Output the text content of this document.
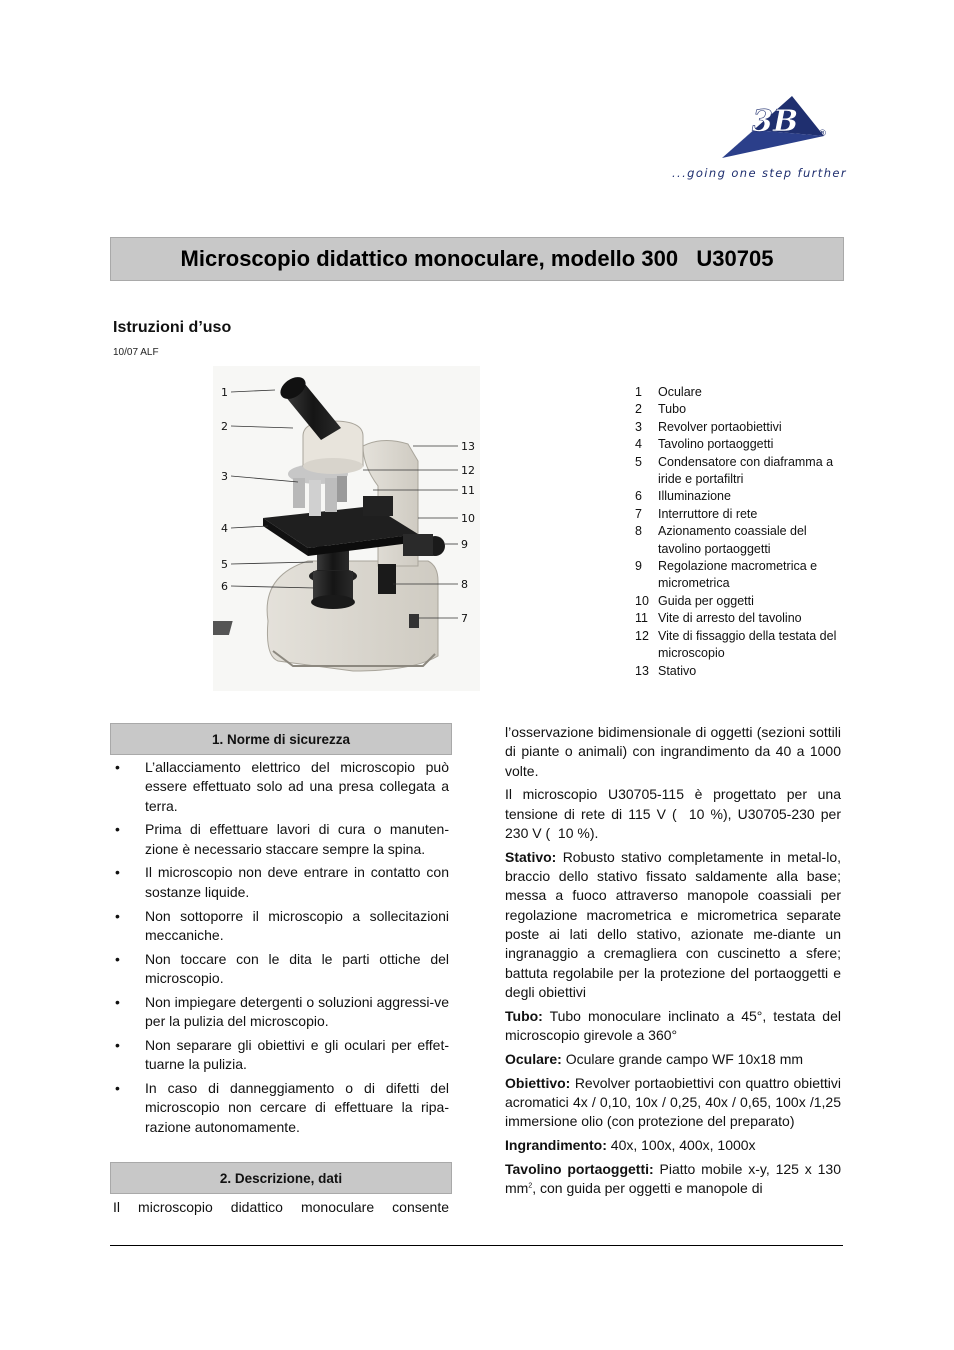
3B ®
...going one step further
Microscopio didattico monoculare, modello 300
U30705
Istruzioni d’uso
10/07 ALF
1
2
3
4
5
6
13
12
11
10
9
8
7
1	Oculare
2	Tubo
3	Revolver portaobiettivi
4	Tavolino portaoggetti
5	Condensatore con diaframma a iride e portafiltri
6	Illuminazione
7	Interruttore di rete
8	Azionamento coassiale del tavolino portaoggetti
9	Regolazione macrometrica e micrometrica
10 Guida per oggetti
11 Vite di arresto del tavolino
12 Vite di fissaggio della testata del microscopio
13 Stativo
1. Norme di sicurezza
•	L’allacciamento elettrico del microscopio può essere effettuato solo ad una presa collegata a terra.
•	Prima di effettuare lavori di cura o manuten-zione è necessario staccare sempre la spina.
•	Il microscopio non deve entrare in contatto con sostanze liquide.
•	Non sottoporre il microscopio a sollecitazioni meccaniche.
•	Non toccare con le dita le parti ottiche del microscopio.
•	Non impiegare detergenti o soluzioni aggressi-ve per la pulizia del microscopio.
•	Non separare gli obiettivi e gli oculari per effet-tuarne la pulizia.
•	In caso di danneggiamento o di difetti del microscopio non cercare di effettuare la ripa-razione autonomamente.
2. Descrizione, dati
Il microscopio didattico monoculare consente

l’osservazione bidimensionale di oggetti (sezioni sottili di piante o animali) con ingrandimento da 40 a 1000 volte.

Il microscopio U30705-115 è progettato per una tensione di rete di 115 V (  10 %), U30705-230 per 230 V (  10 %).

Stativo: Robusto stativo completamente in metal-lo, braccio dello stativo fissato saldamente alla base; messa a fuoco attraverso manopole coassiali per regolazione macrometrica e micrometrica separate poste ai lati dello stativo, azionate me-diante un ingranaggio a cremagliera con cuscinetto a sfere; battuta regolabile per la protezione del portaoggetti e degli obiettivi

Tubo: Tubo monoculare inclinato a 45°, testata del microscopio girevole a 360°

Oculare: Oculare grande campo WF 10x18 mm

Obiettivo: Revolver portaobiettivi con quattro obiettivi acromatici 4x / 0,10, 10x / 0,25, 40x / 0,65, 100x /1,25 immersione olio (con protezione del preparato)

Ingrandimento: 40x, 100x, 400x, 1000x

Tavolino portaoggetti: Piatto mobile x-y, 125 x 130 $mm^2$, con guida per oggetti e manopole di
